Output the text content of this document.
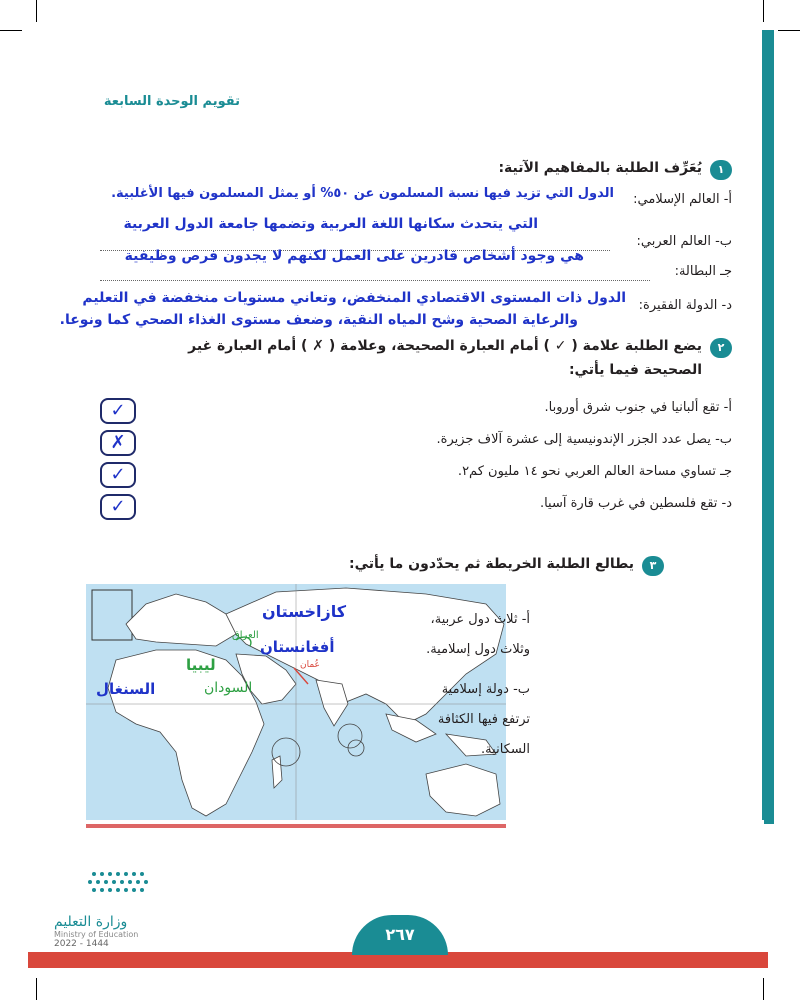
تقويم الوحدة السابعة
١
يُعَرِّف الطلبة بالمفاهيم الآتية:
أ- العالم الإسلامي:
الدول التي تزيد فيها نسبة المسلمون عن ٥٠% أو يمثل المسلمون فيها الأغلبية.
ب- العالم العربي:
التي يتحدث سكانها اللغة العربية وتضمها جامعة الدول العربية
جـ البطالة:
هي وجود أشخاص قادرين على العمل لكنهم لا يجدون فرص وظيفية
د- الدولة الفقيرة:
الدول ذات المستوى الاقتصادي المنخفض، وتعاني مستويات منخفضة في التعليم
والرعاية الصحية وشح المياه النقية، وضعف مستوى الغذاء الصحي كما ونوعا.
٢
يضع الطلبة علامة ( ✓ ) أمام العبارة الصحيحة، وعلامة ( ✗ ) أمام العبارة غير
الصحيحة فيما يأتي:
أ- تقع ألبانيا في جنوب شرق أوروبا.
✓
ب- يصل عدد الجزر الإندونيسية إلى عشرة آلاف جزيرة.
✗
جـ تساوي مساحة العالم العربي نحو ١٤ مليون كم٢.
✓
د- تقع فلسطين في غرب قارة آسيا.
✓
٣
يطالع الطلبة الخريطة ثم يحدّدون ما يأتي:
كازاخستان
أفغانستان
ليبيا
السودان
السنغال
العراق
عُمان
أ- ثلاث دول عربية،
وثلاث دول إسلامية.
ب- دولة إسلامية
ترتفع فيها الكثافة
السكانية.
وزارة التعليم
Ministry of Education
2022 - 1444	٢٦٧
